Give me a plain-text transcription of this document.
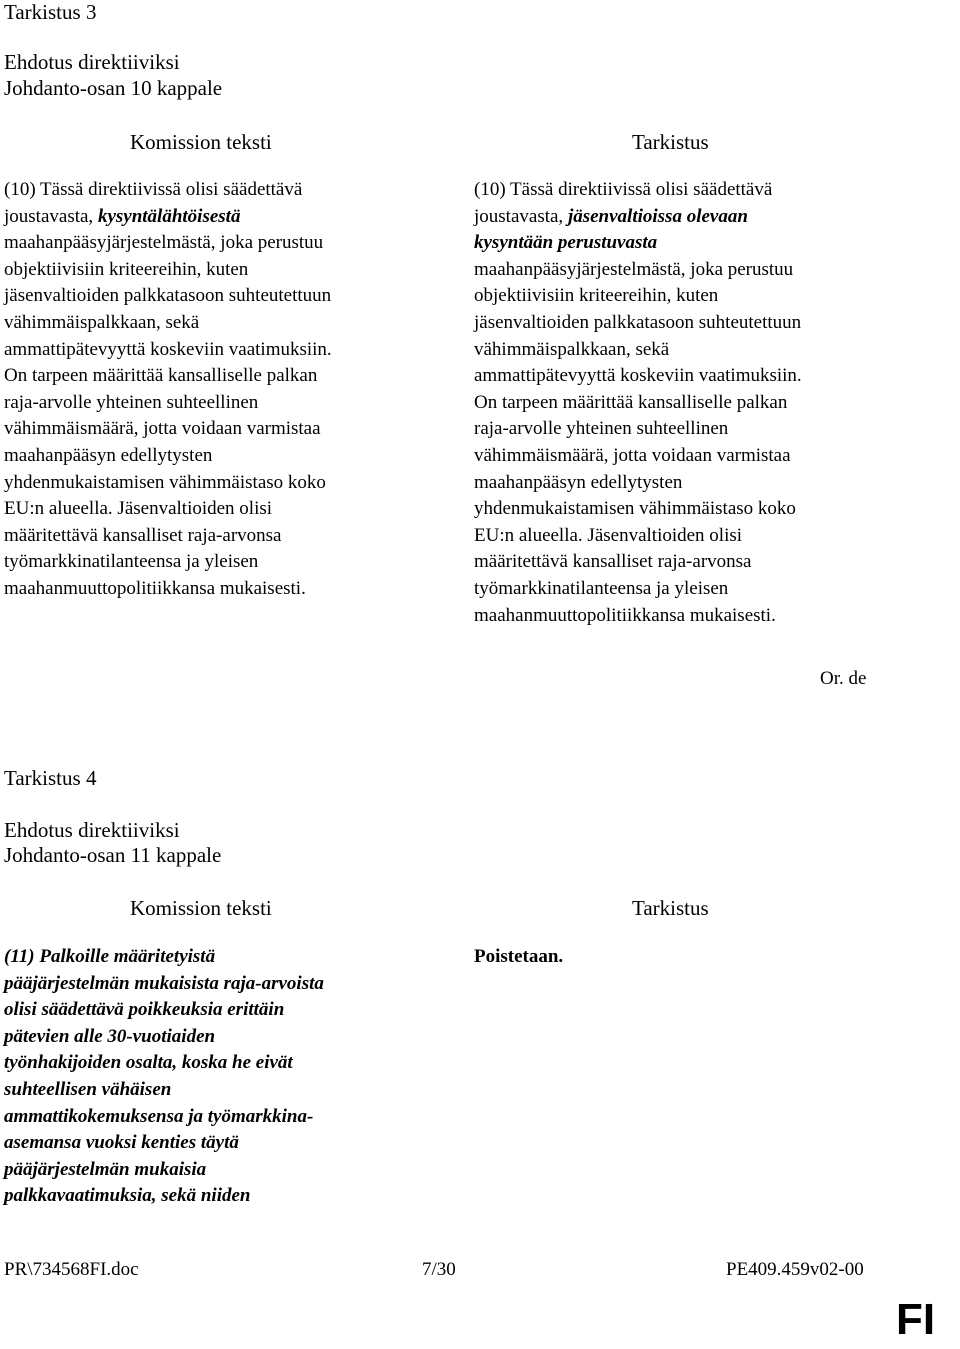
Tarkistus 3
Ehdotus direktiiviksi
Johdanto-osan 10 kappale
Komission teksti	Tarkistus
(10) Tässä direktiivissä olisi säädettävä
joustavasta, kysyntälähtöisestä
maahanpääsyjärjestelmästä, joka perustuu
objektiivisiin kriteereihin, kuten
jäsenvaltioiden palkkatasoon suhteutettuun
vähimmäispalkkaan, sekä
ammattipätevyyttä koskeviin vaatimuksiin.
On tarpeen määrittää kansalliselle palkan
raja-arvolle yhteinen suhteellinen
vähimmäismäärä, jotta voidaan varmistaa
maahanpääsyn edellytysten
yhdenmukaistamisen vähimmäistaso koko
EU:n alueella. Jäsenvaltioiden olisi
määritettävä kansalliset raja-arvonsa
työmarkkinatilanteensa ja yleisen
maahanmuuttopolitiikkansa mukaisesti.
(10) Tässä direktiivissä olisi säädettävä
joustavasta, jäsenvaltioissa olevaan
kysyntään perustuvasta
maahanpääsyjärjestelmästä, joka perustuu
objektiivisiin kriteereihin, kuten
jäsenvaltioiden palkkatasoon suhteutettuun
vähimmäispalkkaan, sekä
ammattipätevyyttä koskeviin vaatimuksiin.
On tarpeen määrittää kansalliselle palkan
raja-arvolle yhteinen suhteellinen
vähimmäismäärä, jotta voidaan varmistaa
maahanpääsyn edellytysten
yhdenmukaistamisen vähimmäistaso koko
EU:n alueella. Jäsenvaltioiden olisi
määritettävä kansalliset raja-arvonsa
työmarkkinatilanteensa ja yleisen
maahanmuuttopolitiikkansa mukaisesti.
Or. de
Tarkistus 4
Ehdotus direktiiviksi
Johdanto-osan 11 kappale
Komission teksti	Tarkistus
(11) Palkoille määritetyistä
pääjärjestelmän mukaisista raja-arvoista
olisi säädettävä poikkeuksia erittäin
pätevien alle 30-vuotiaiden
työnhakijoiden osalta, koska he eivät
suhteellisen vähäisen
ammattikokemuksensa ja työmarkkina-
asemansa vuoksi kenties täytä
pääjärjestelmän mukaisia
palkkavaatimuksia, sekä niiden
Poistetaan.
PR\734568FI.doc	7/30	PE409.459v02-00
FI
